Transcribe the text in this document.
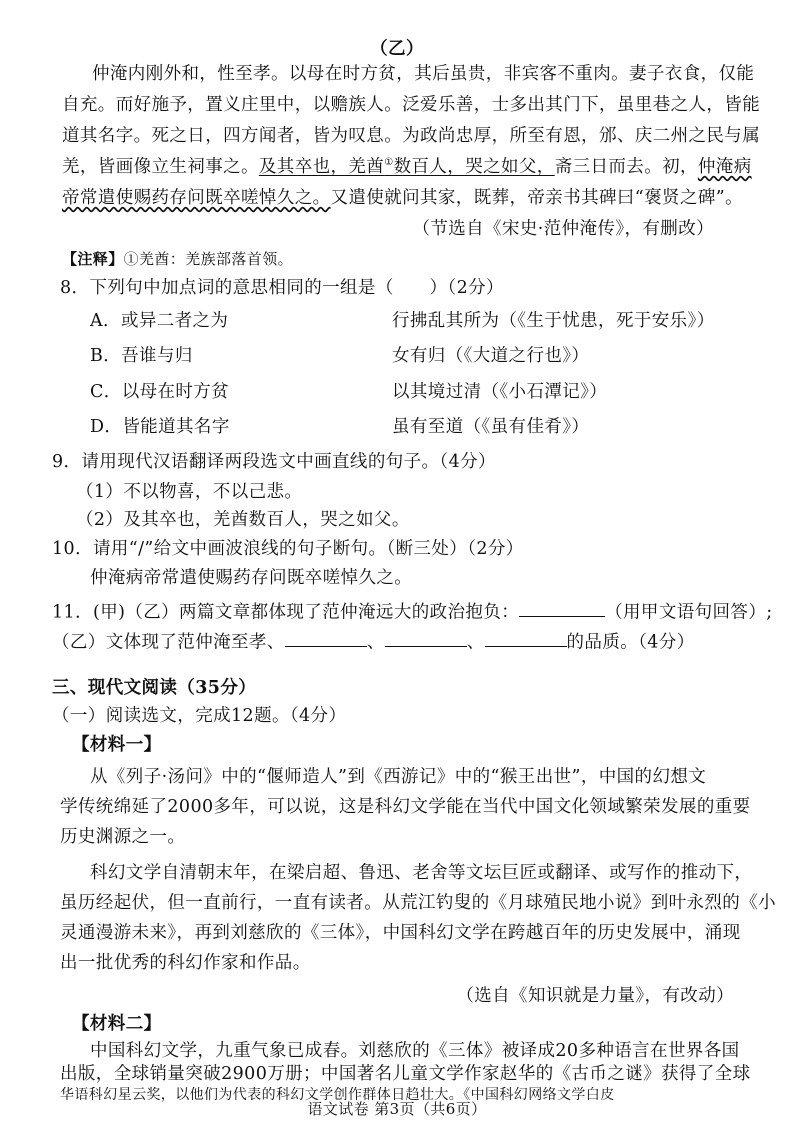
（乙）
仲淹内刚外和，性至孝。以母在时方贫，其后虽贵，非宾客不重肉。妻子衣食，仅能
自充。而好施予，置义庄里中，以赡族人。泛爱乐善，士多出其门下，虽里巷之人，皆能
道其名字。死之日，四方闻者，皆为叹息。为政尚忠厚，所至有恩，邠、庆二州之民与属
羌，皆画像立生祠事之。及其卒也，羌酋①数百人，哭之如父，斋三日而去。初，仲淹病
帝常遣使赐药存问既卒嗟悼久之。又遣使就问其家，既葬，帝亲书其碑曰“褒贤之碑”。
（节选自《宋史·范仲淹传》，有删改）
【注释】①羌酋：羌族部落首领。
8．下列句中加点词的意思相同的一组是（　　）（2分）
A．或异二者之为	行拂乱其所为（《生于忧患，死于安乐》）
B．吾谁与归	女有归（《大道之行也》）
C．以母在时方贫	以其境过清（《小石潭记》）
D．皆能道其名字	虽有至道（《虽有佳肴》）
9．请用现代汉语翻译两段选文中画直线的句子。（4分）
（1）不以物喜，不以己悲。
（2）及其卒也，羌酋数百人，哭之如父。
10．请用“/”给文中画波浪线的句子断句。（断三处）（2分）
仲淹病帝常遣使赐药存问既卒嗟悼久之。
11．(甲)（乙）两篇文章都体现了范仲淹远大的政治抱负：	（用甲文语句回答）;
（乙）文体现了范仲淹至孝、	、	、	的品质。（4分）
三、现代文阅读（35分）
（一）阅读选文，完成12题。（4分）
【材料一】
从《列子·汤问》中的“偃师造人”到《西游记》中的“猴王出世”，中国的幻想文
学传统绵延了2000多年，可以说，这是科幻文学能在当代中国文化领域繁荣发展的重要
历史渊源之一。
科幻文学自清朝末年，在梁启超、鲁迅、老舍等文坛巨匠或翻译、或写作的推动下，
虽历经起伏，但一直前行，一直有读者。从荒江钓叟的《月球殖民地小说》到叶永烈的《小
灵通漫游未来》，再到刘慈欣的《三体》，中国科幻文学在跨越百年的历史发展中，涌现
出一批优秀的科幻作家和作品。
（选自《知识就是力量》，有改动）
【材料二】
中国科幻文学，九重气象已成春。刘慈欣的《三体》被译成20多种语言在世界各国
出版，全球销量突破2900万册；中国著名儿童文学作家赵华的《古币之谜》获得了全球
华语科幻星云奖，以他们为代表的科幻文学创作群体日趋壮大。《中国科幻网络文学白皮
语文试卷 第3页（共6页）
